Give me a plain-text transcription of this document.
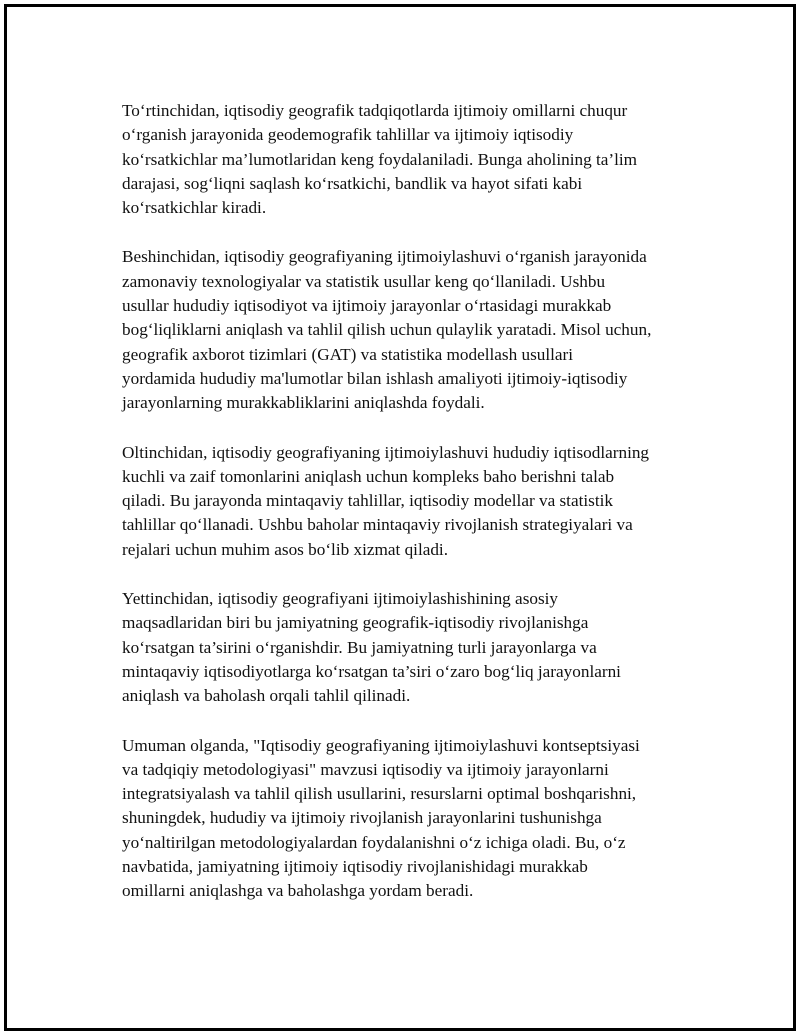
To‘rtinchidan, iqtisodiy geografik tadqiqotlarda ijtimoiy omillarni chuqur
o‘rganish jarayonida geodemografik tahlillar va ijtimoiy iqtisodiy
ko‘rsatkichlar ma’lumotlaridan keng foydalaniladi. Bunga aholining ta’lim
darajasi, sog‘liqni saqlash ko‘rsatkichi, bandlik va hayot sifati kabi
ko‘rsatkichlar kiradi.

Beshinchidan, iqtisodiy geografiyaning ijtimoiylashuvi o‘rganish jarayonida
zamonaviy texnologiyalar va statistik usullar keng qo‘llaniladi. Ushbu
usullar hududiy iqtisodiyot va ijtimoiy jarayonlar o‘rtasidagi murakkab
bog‘liqliklarni aniqlash va tahlil qilish uchun qulaylik yaratadi. Misol uchun,
geografik axborot tizimlari (GAT) va statistika modellash usullari
yordamida hududiy ma'lumotlar bilan ishlash amaliyoti ijtimoiy-iqtisodiy
jarayonlarning murakkabliklarini aniqlashda foydali.

Oltinchidan, iqtisodiy geografiyaning ijtimoiylashuvi hududiy iqtisodlarning
kuchli va zaif tomonlarini aniqlash uchun kompleks baho berishni talab
qiladi. Bu jarayonda mintaqaviy tahlillar, iqtisodiy modellar va statistik
tahlillar qo‘llanadi. Ushbu baholar mintaqaviy rivojlanish strategiyalari va
rejalari uchun muhim asos bo‘lib xizmat qiladi.

Yettinchidan, iqtisodiy geografiyani ijtimoiylashishining asosiy
maqsadlaridan biri bu jamiyatning geografik-iqtisodiy rivojlanishga
ko‘rsatgan ta’sirini o‘rganishdir. Bu jamiyatning turli jarayonlarga va
mintaqaviy iqtisodiyotlarga ko‘rsatgan ta’siri o‘zaro bog‘liq jarayonlarni
aniqlash va baholash orqali tahlil qilinadi.

Umuman olganda, "Iqtisodiy geografiyaning ijtimoiylashuvi kontseptsiyasi
va tadqiqiy metodologiyasi" mavzusi iqtisodiy va ijtimoiy jarayonlarni
integratsiyalash va tahlil qilish usullarini, resurslarni optimal boshqarishni,
shuningdek, hududiy va ijtimoiy rivojlanish jarayonlarini tushunishga
yo‘naltirilgan metodologiyalardan foydalanishni o‘z ichiga oladi. Bu, o‘z
navbatida, jamiyatning ijtimoiy iqtisodiy rivojlanishidagi murakkab
omillarni aniqlashga va baholashga yordam beradi.
